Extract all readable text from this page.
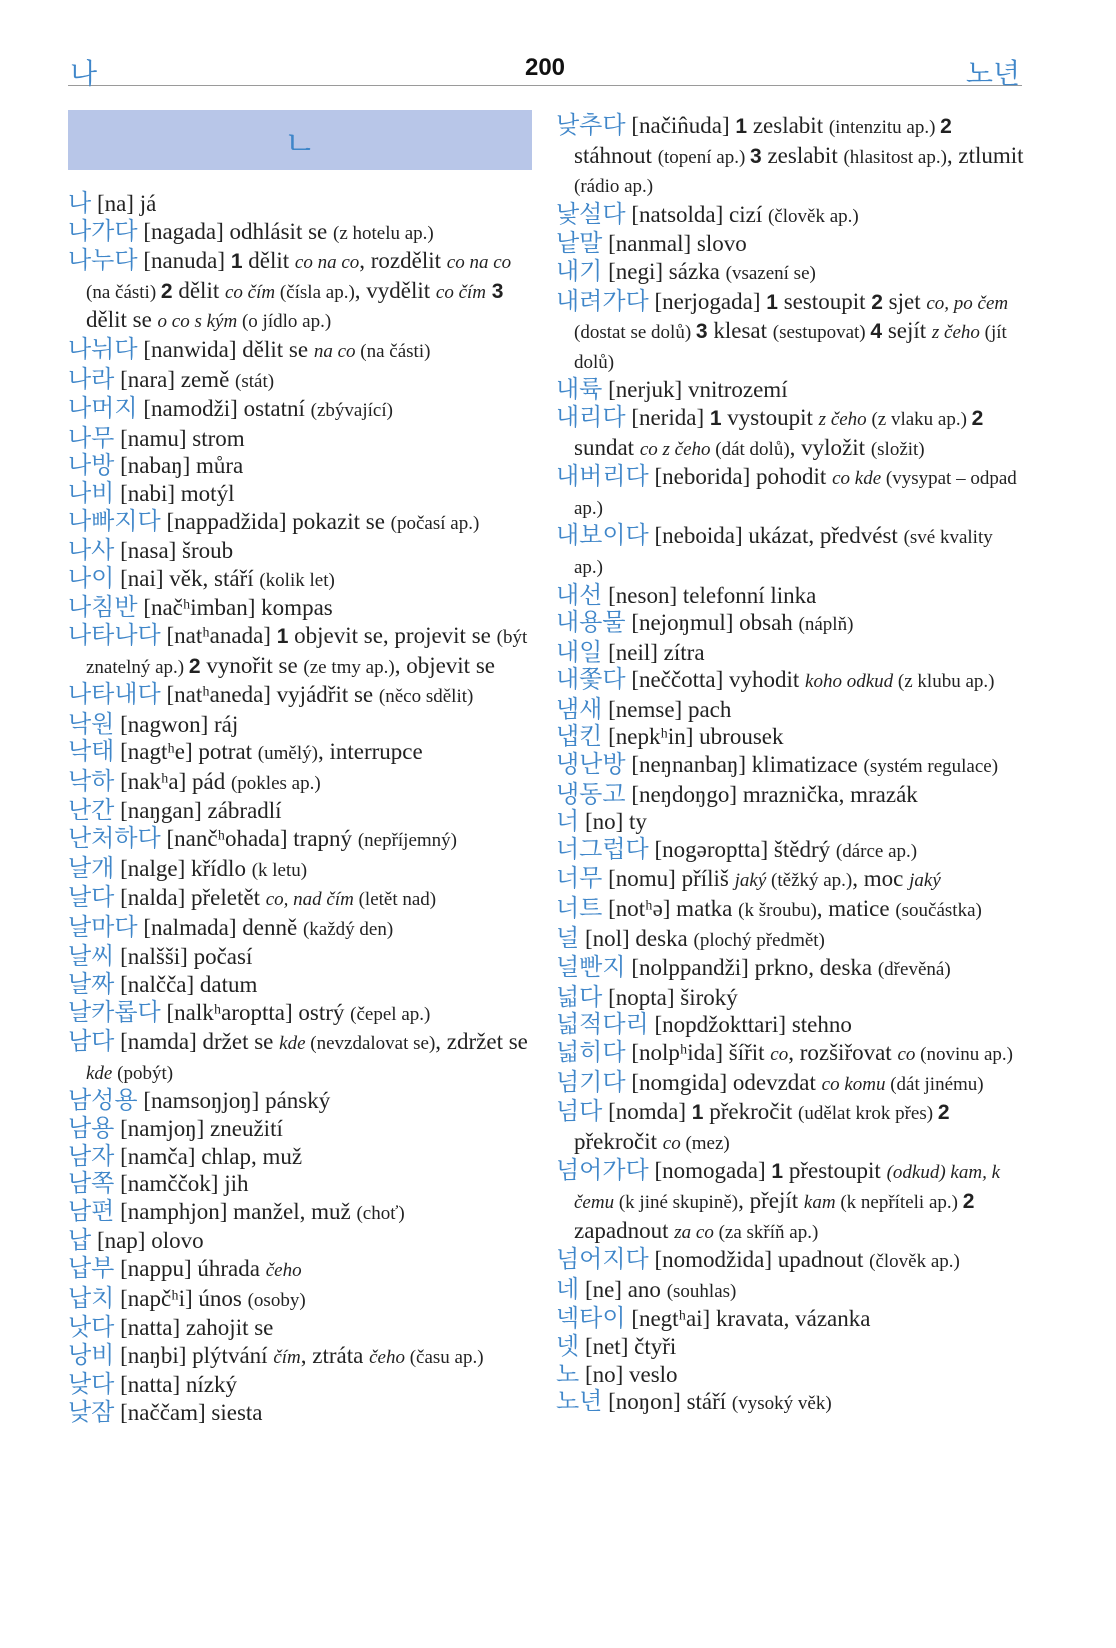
나	200	노년
ㄴ
나 [na] já
나가다 [nagada] odhlásit se (z hotelu ap.)
나누다 [nanuda] 1 dělit co na co, rozdělit co na co (na části) 2 dělit co čím (čísla ap.), vydělit co čím 3 dělit se o co s kým (o jídlo ap.)
나뉘다 [nanwida] dělit se na co (na části)
나라 [nara] země (stát)
나머지 [namodži] ostatní (zbývající)
나무 [namu] strom
나방 [nabaŋ] můra
나비 [nabi] motýl
나빠지다 [nappadžida] pokazit se (počasí ap.)
나사 [nasa] šroub
나이 [nai] věk, stáří (kolik let)
나침반 [načʰimban] kompas
나타나다 [natʰanada] 1 objevit se, projevit se (být znatelný ap.) 2 vynořit se (ze tmy ap.), objevit se
나타내다 [natʰaneda] vyjádřit se (něco sdělit)
낙원 [nagwon] ráj
낙태 [nagtʰe] potrat (umělý), interrupce
낙하 [nakʰa] pád (pokles ap.)
난간 [naŋgan] zábradlí
난처하다 [nančʰohada] trapný (nepříjemný)
날개 [nalge] křídlo (k letu)
날다 [nalda] přeletět co, nad čím (letět nad)
날마다 [nalmada] denně (každý den)
날씨 [nalšši] počasí
날짜 [nalčča] datum
날카롭다 [nalkʰaroptta] ostrý (čepel ap.)
남다 [namda] držet se kde (nevzdalovat se), zdržet se kde (pobýt)
남성용 [namsoŋjoŋ] pánský
남용 [namjoŋ] zneužití
남자 [namča] chlap, muž
남쪽 [namččok] jih
남편 [namphjon] manžel, muž (choť)
납 [nap] olovo
납부 [nappu] úhrada čeho
납치 [napčʰi] únos (osoby)
낫다 [natta] zahojit se
낭비 [naŋbi] plýtvání čím, ztráta čeho (času ap.)
낮다 [natta] nízký
낮잠 [naččam] siesta
낮추다 [način̂uda] 1 zeslabit (intenzitu ap.) 2 stáhnout (topení ap.) 3 zeslabit (hlasitost ap.), ztlumit (rádio ap.)
낯설다 [natsolda] cizí (člověk ap.)
낱말 [nanmal] slovo
내기 [negi] sázka (vsazení se)
내려가다 [nerjogada] 1 sestoupit 2 sjet co, po čem (dostat se dolů) 3 klesat (sestupovat) 4 sejít z čeho (jít dolů)
내륙 [nerjuk] vnitrozemí
내리다 [nerida] 1 vystoupit z čeho (z vlaku ap.) 2 sundat co z čeho (dát dolů), vyložit (složit)
내버리다 [neborida] pohodit co kde (vysypat – odpad ap.)
내보이다 [neboida] ukázat, předvést (své kvality ap.)
내선 [neson] telefonní linka
내용물 [nejoŋmul] obsah (náplň)
내일 [neil] zítra
내쫓다 [neččotta] vyhodit koho odkud (z klubu ap.)
냄새 [nemse] pach
냅킨 [nepkʰin] ubrousek
냉난방 [neŋnanbaŋ] klimatizace (systém regulace)
냉동고 [neŋdoŋgo] mraznička, mrazák
너 [no] ty
너그럽다 [nogəroptta] štědrý (dárce ap.)
너무 [nomu] příliš jaký (těžký ap.), moc jaký
너트 [notʰə] matka (k šroubu), matice (součástka)
널 [nol] deska (plochý předmět)
널빤지 [nolppandži] prkno, deska (dřevěná)
넓다 [nopta] široký
넓적다리 [nopdžokttari] stehno
넓히다 [nolpʰida] šířit co, rozšiřovat co (novinu ap.)
넘기다 [nomgida] odevzdat co komu (dát jinému)
넘다 [nomda] 1 překročit (udělat krok přes) 2 překročit co (mez)
넘어가다 [nomogada] 1 přestoupit (odkud) kam, k čemu (k jiné skupině), přejít kam (k nepříteli ap.) 2 zapadnout za co (za skříň ap.)
넘어지다 [nomodžida] upadnout (člověk ap.)
네 [ne] ano (souhlas)
넥타이 [negtʰai] kravata, vázanka
넷 [net] čtyři
노 [no] veslo
노년 [noŋon] stáří (vysoký věk)
